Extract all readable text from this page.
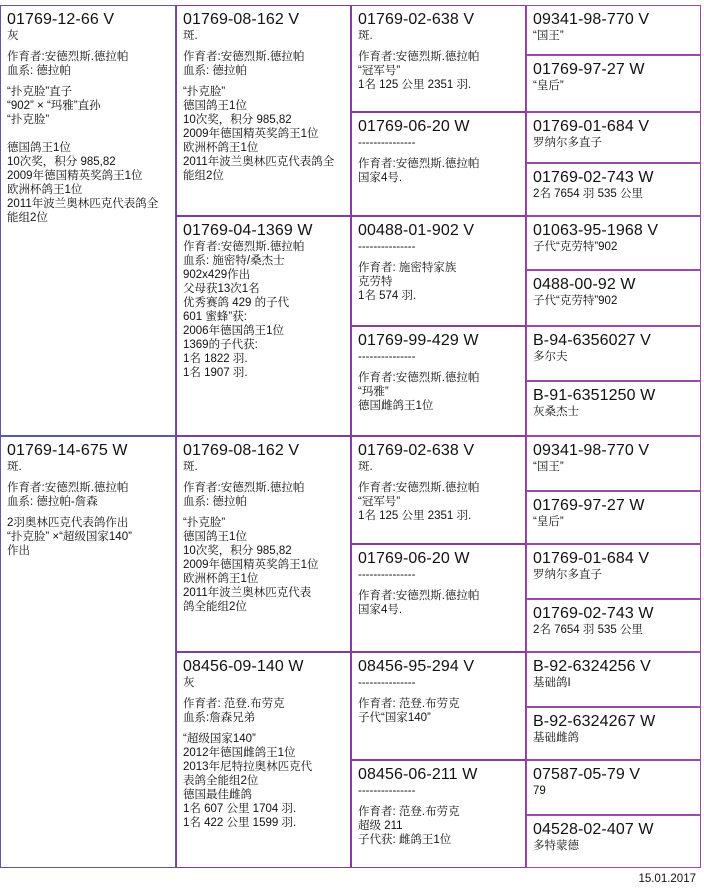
01769-12-66 V
灰
作育者:安德烈斯.德拉帕
血系: 德拉帕
“扑克脸”直子
“902” × “玛雅”直孙
“扑克脸”
德国鸽王1位
10次奖，积分 985,82
2009年德国精英奖鸽王1位
欧洲杯鸽王1位
2011年波兰奥林匹克代表鸽全
能组2位
01769-14-675 W
斑.
作育者:安德烈斯.德拉帕
血系: 德拉帕-詹森
2羽奥林匹克代表鸽作出
“扑克脸” ×“超级国家140”
作出
01769-08-162 V
斑.
作育者:安德烈斯.德拉帕
血系: 德拉帕
“扑克脸”
德国鸽王1位
10次奖，积分 985,82
2009年德国精英奖鸽王1位
欧洲杯鸽王1位
2011年波兰奥林匹克代表鸽全
能组2位
01769-04-1369 W
作育者:安德烈斯.德拉帕
血系: 施密特/桑杰士
902x429作出
父母获13次1名
优秀赛鸽 429 的子代
601 蜜蜂”获:
2006年德国鸽王1位
1369的子代获:
1名 1822 羽.
1名 1907 羽.
01769-08-162 V
斑.
作育者:安德烈斯.德拉帕
血系: 德拉帕
“扑克脸”
德国鸽王1位
10次奖，积分 985,82
2009年德国精英奖鸽王1位
欧洲杯鸽王1位
2011年波兰奥林匹克代表
鸽全能组2位
08456-09-140 W
灰
作育者: 范登.布劳克
血系:詹森兄弟
“超级国家140”
2012年德国雌鸽王1位
2013年尼特拉奥林匹克代
表鸽全能组2位
德国最佳雌鸽
1名 607 公里 1704 羽.
1名 422 公里 1599 羽.
01769-02-638 V
斑.
作育者:安德烈斯.德拉帕
“冠军号”
1名 125 公里 2351 羽.
01769-06-20 W
---------------
作育者:安德烈斯.德拉帕
国家4号.
00488-01-902 V
---------------
作育者: 施密特家族
克劳特
1名 574 羽.
01769-99-429 W
---------------
作育者:安德烈斯.德拉帕
“玛雅”
德国雌鸽王1位
01769-02-638 V
斑.
作育者:安德烈斯.德拉帕
“冠军号”
1名 125 公里 2351 羽.
01769-06-20 W
---------------
作育者:安德烈斯.德拉帕
国家4号.
08456-95-294 V
---------------
作育者: 范登.布劳克
子代“国家140”
08456-06-211 W
---------------
作育者: 范登.布劳克
超级 211
子代获: 雌鸽王1位
09341-98-770 V
“国王”
01769-97-27 W
“皇后”
01769-01-684 V
罗纳尔多直子
01769-02-743 W
2名 7654 羽 535 公里
01063-95-1968 V
子代“克劳特”902
0488-00-92 W
子代“克劳特”902
B-94-6356027 V
多尔夫
B-91-6351250 W
灰桑杰士
09341-98-770 V
“国王”
01769-97-27 W
“皇后”
01769-01-684 V
罗纳尔多直子
01769-02-743 W
2名 7654 羽 535 公里
B-92-6324256 V
基础鸽I
B-92-6324267 W
基础雌鸽
07587-05-79 V
79
04528-02-407 W
多特蒙德
15.01.2017
